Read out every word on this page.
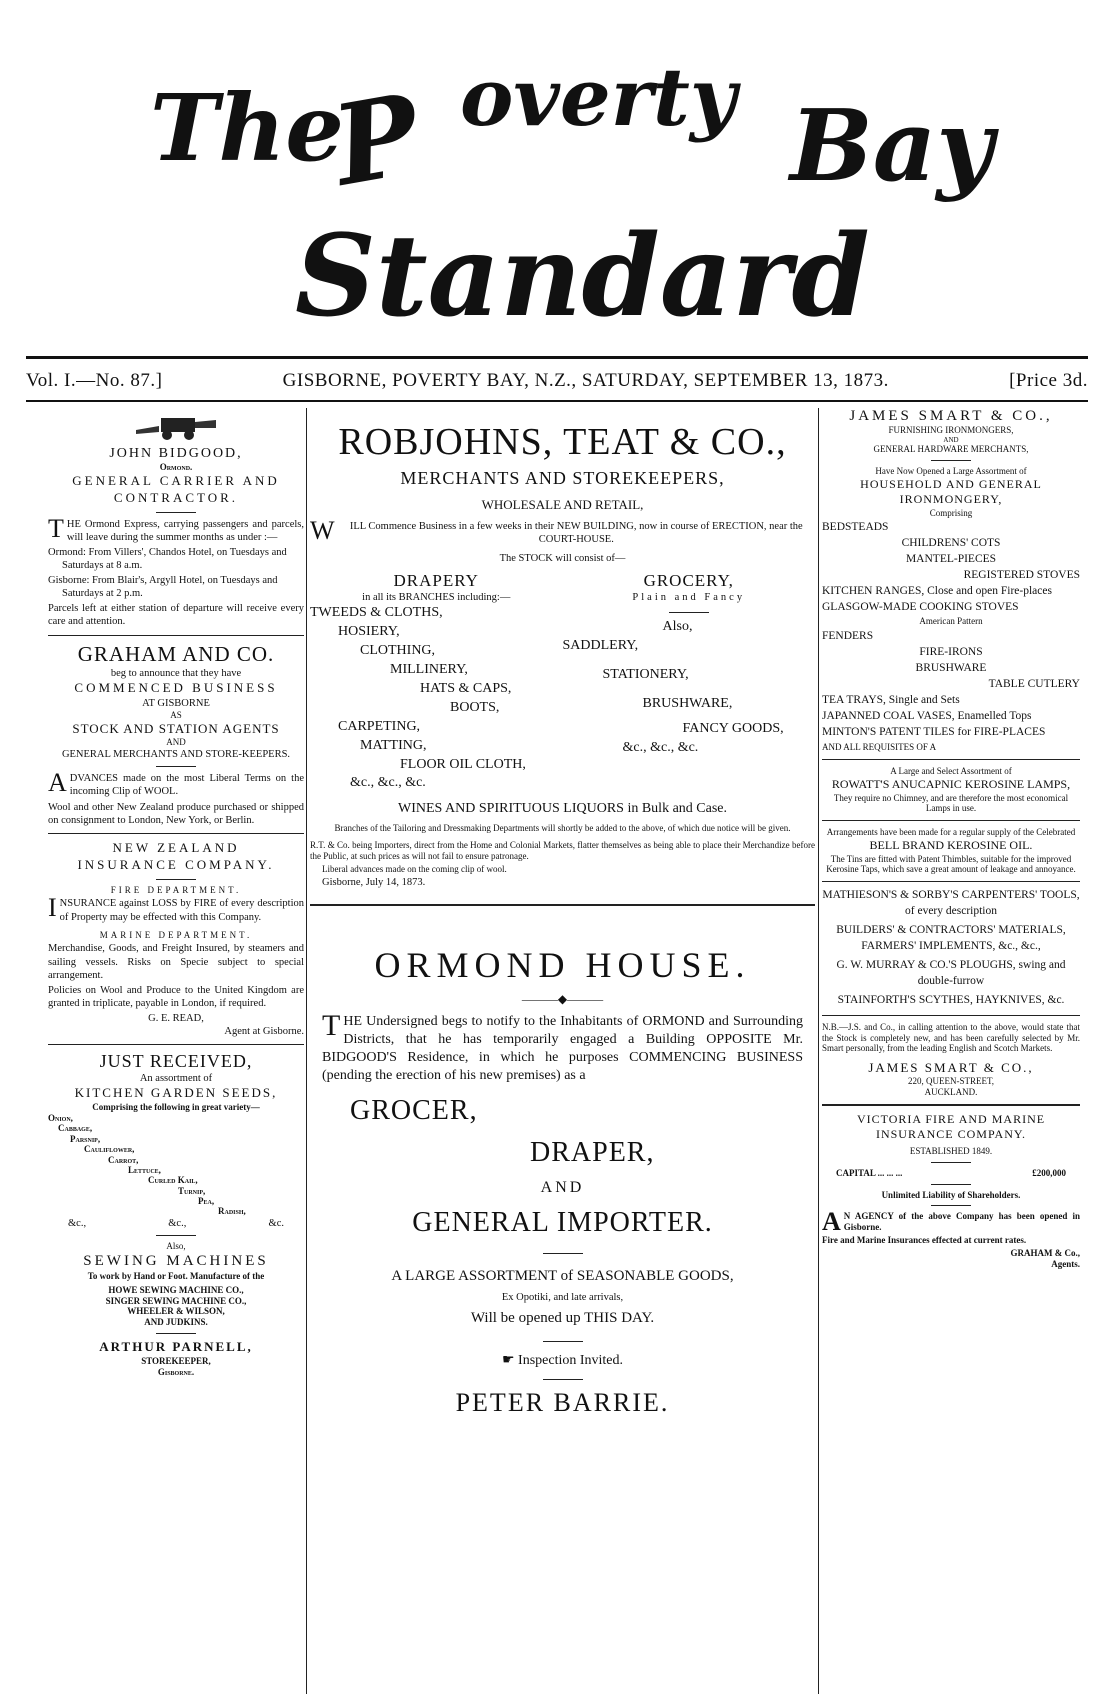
The
P overty Bay
Standard
Vol. I.—No. 87.]	GISBORNE, POVERTY BAY, N.Z., SATURDAY, SEPTEMBER 13, 1873.	[Price 3d.
JOHN BIDGOOD,
Ormond.
GENERAL CARRIER AND CONTRACTOR.

THE Ormond Express, carrying passengers and parcels, will leave during the summer months as under :—

Ormond: From Villers', Chandos Hotel, on Tuesdays and Saturdays at 8 a.m.

Gisborne: From Blair's, Argyll Hotel, on Tuesdays and Saturdays at 2 p.m.

Parcels left at either station of departure will receive every care and attention.

GRAHAM AND CO.
beg to announce that they have
COMMENCED BUSINESS
AT GISBORNE
AS
STOCK AND STATION AGENTS
AND
GENERAL MERCHANTS AND STORE-KEEPERS.

ADVANCES made on the most Liberal Terms on the incoming Clip of WOOL.

Wool and other New Zealand produce purchased or shipped on consignment to London, New York, or Berlin.

NEW ZEALAND
INSURANCE COMPANY.
FIRE DEPARTMENT.

INSURANCE against LOSS by FIRE of every description of Property may be effected with this Company.

MARINE DEPARTMENT.

Merchandise, Goods, and Freight Insured, by steamers and sailing vessels. Risks on Specie subject to special arrangement.

Policies on Wool and Produce to the United Kingdom are granted in triplicate, payable in London, if required.

G. E. READ,
Agent at Gisborne.
JUST RECEIVED,
An assortment of
KITCHEN GARDEN SEEDS,
Comprising the following in great variety—
Onion,
Cabbage,
Parsnip,
Cauliflower,
Carrot,
Lettuce,
Curled Kail,
Turnip,
Pea,
Radish,
&c.,	&c.,	&c.
Also,
SEWING MACHINES
To work by Hand or Foot. Manufacture of the
HOWE SEWING MACHINE CO.,
SINGER SEWING MACHINE CO.,
WHEELER & WILSON,
AND JUDKINS.
ARTHUR PARNELL,
STOREKEEPER,
Gisborne.
ROBJOHNS, TEAT & CO.,
MERCHANTS AND STOREKEEPERS,
WHOLESALE AND RETAIL,

W ILL Commence Business in a few weeks in their NEW BUILDING, now in course of ERECTION, near the COURT-HOUSE.

The STOCK will consist of—
DRAPERY
in all its BRANCHES including:—
TWEEDS & CLOTHS,
HOSIERY,
CLOTHING,
MILLINERY,
HATS & CAPS,
BOOTS,
CARPETING,
MATTING,
FLOOR OIL CLOTH,
&c., &c., &c.
GROCERY,
Plain and Fancy
Also,
SADDLERY,
STATIONERY,
BRUSHWARE,
FANCY GOODS,
&c., &c., &c.
WINES AND SPIRITUOUS LIQUORS in Bulk and Case.

Branches of the Tailoring and Dressmaking Departments will shortly be added to the above, of which due notice will be given.

R.T. & Co. being Importers, direct from the Home and Colonial Markets, flatter themselves as being able to place their Merchandize before the Public, at such prices as will not fail to ensure patronage.

Liberal advances made on the coming clip of wool.

Gisborne, July 14, 1873.

ORMOND HOUSE.
———◆———

THE Undersigned begs to notify to the Inhabitants of ORMOND and Surrounding Districts, that he has temporarily engaged a Building OPPOSITE Mr. BIDGOOD'S Residence, in which he purposes COMMENCING BUSINESS (pending the erection of his new premises) as a

GROCER,
DRAPER,
AND
GENERAL IMPORTER.
A LARGE ASSORTMENT of SEASONABLE GOODS,
Ex Opotiki, and late arrivals,
Will be opened up THIS DAY.
☛ Inspection Invited.
PETER BARRIE.
JAMES SMART & CO.,
FURNISHING IRONMONGERS,
AND
GENERAL HARDWARE MERCHANTS,
Have Now Opened a Large Assortment of
HOUSEHOLD AND GENERAL IRONMONGERY,
Comprising
BEDSTEADS
CHILDRENS' COTS
MANTEL-PIECES
REGISTERED STOVES
KITCHEN RANGES, Close and open Fire-places
GLASGOW-MADE COOKING STOVES
American Pattern
FENDERS
FIRE-IRONS
BRUSHWARE
TABLE CUTLERY
TEA TRAYS, Single and Sets
JAPANNED COAL VASES, Enamelled Tops
MINTON'S PATENT TILES for FIRE-PLACES
AND ALL REQUISITES OF A
A Large and Select Assortment of
ROWATT'S ANUCAPNIC KEROSINE LAMPS,
They require no Chimney, and are therefore the most economical Lamps in use.
Arrangements have been made for a regular supply of the Celebrated
BELL BRAND KEROSINE OIL.
The Tins are fitted with Patent Thimbles, suitable for the improved Kerosine Taps, which save a great amount of leakage and annoyance.
MATHIESON'S & SORBY'S CARPENTERS' TOOLS, of every description
BUILDERS' & CONTRACTORS' MATERIALS, FARMERS' IMPLEMENTS, &c., &c.,
G. W. MURRAY & CO.'S PLOUGHS, swing and double-furrow
STAINFORTH'S SCYTHES, HAYKNIVES, &c.

N.B.—J.S. and Co., in calling attention to the above, would state that the Stock is completely new, and has been carefully selected by Mr. Smart personally, from the leading English and Scotch Markets.

JAMES SMART & CO.,
220, QUEEN-STREET,
AUCKLAND.
VICTORIA FIRE AND MARINE INSURANCE COMPANY.
ESTABLISHED 1849.
CAPITAL ... ... ...	£200,000
Unlimited Liability of Shareholders.

A N AGENCY of the above Company has been opened in Gisborne.

Fire and Marine Insurances effected at current rates.

GRAHAM & Co.,
Agents.
